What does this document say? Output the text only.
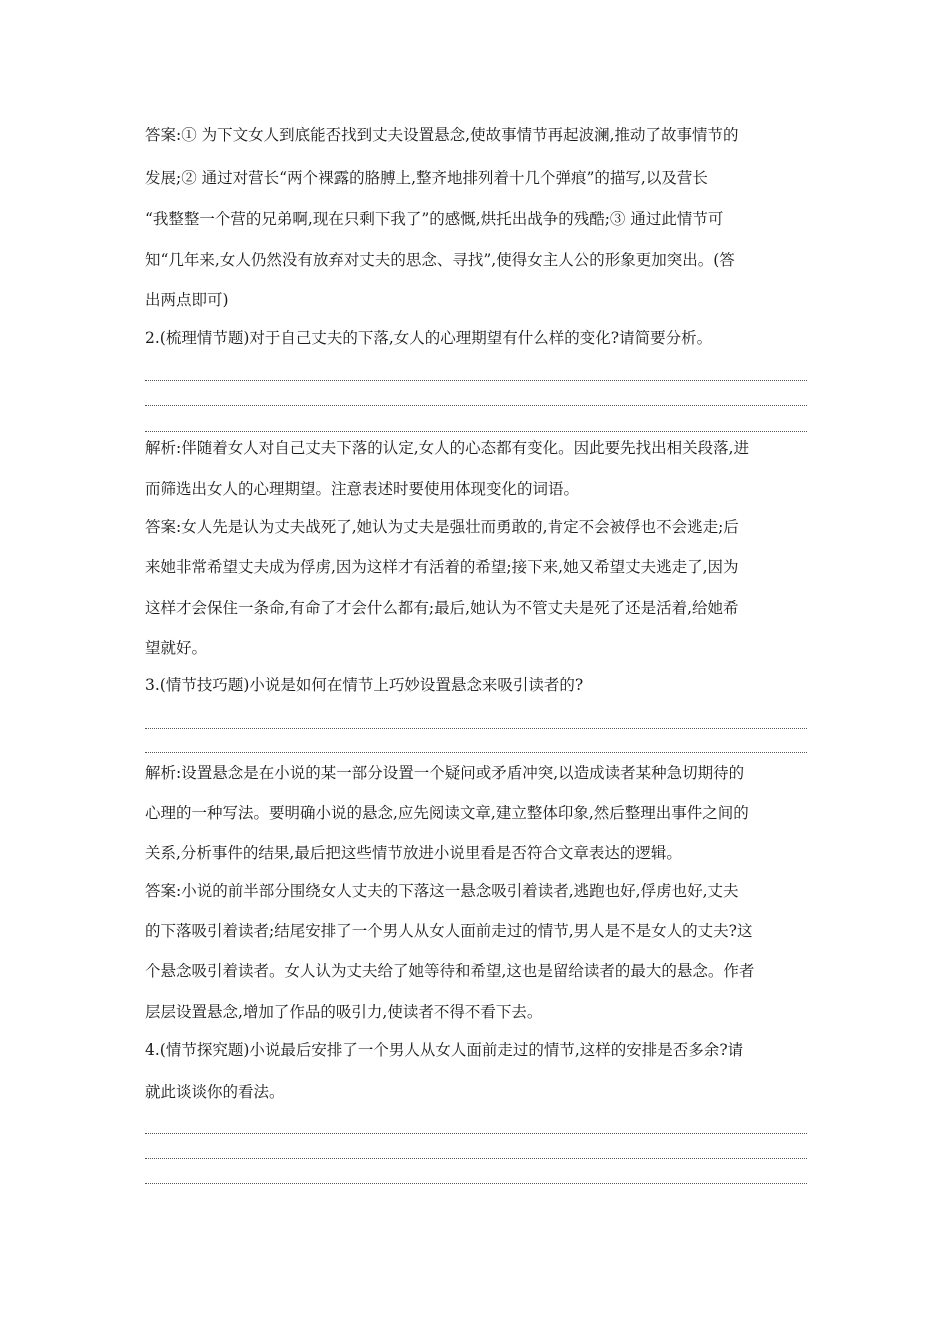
答案:① 为下文女人到底能否找到丈夫设置悬念,使故事情节再起波澜,推动了故事情节的
发展;② 通过对营长“两个裸露的胳膊上,整齐地排列着十几个弹痕”的描写,以及营长
“我整整一个营的兄弟啊,现在只剩下我了”的感慨,烘托出战争的残酷;③ 通过此情节可
知“几年来,女人仍然没有放弃对丈夫的思念、寻找”,使得女主人公的形象更加突出。(答
出两点即可)
2.(梳理情节题)对于自己丈夫的下落,女人的心理期望有什么样的变化?请简要分析。
解析:伴随着女人对自己丈夫下落的认定,女人的心态都有变化。因此要先找出相关段落,进
而筛选出女人的心理期望。注意表述时要使用体现变化的词语。
答案:女人先是认为丈夫战死了,她认为丈夫是强壮而勇敢的,肯定不会被俘也不会逃走;后
来她非常希望丈夫成为俘虏,因为这样才有活着的希望;接下来,她又希望丈夫逃走了,因为
这样才会保住一条命,有命了才会什么都有;最后,她认为不管丈夫是死了还是活着,给她希
望就好。
3.(情节技巧题)小说是如何在情节上巧妙设置悬念来吸引读者的?
解析:设置悬念是在小说的某一部分设置一个疑问或矛盾冲突,以造成读者某种急切期待的
心理的一种写法。要明确小说的悬念,应先阅读文章,建立整体印象,然后整理出事件之间的
关系,分析事件的结果,最后把这些情节放进小说里看是否符合文章表达的逻辑。
答案:小说的前半部分围绕女人丈夫的下落这一悬念吸引着读者,逃跑也好,俘虏也好,丈夫
的下落吸引着读者;结尾安排了一个男人从女人面前走过的情节,男人是不是女人的丈夫?这
个悬念吸引着读者。女人认为丈夫给了她等待和希望,这也是留给读者的最大的悬念。作者
层层设置悬念,增加了作品的吸引力,使读者不得不看下去。
4.(情节探究题)小说最后安排了一个男人从女人面前走过的情节,这样的安排是否多余?请
就此谈谈你的看法。
